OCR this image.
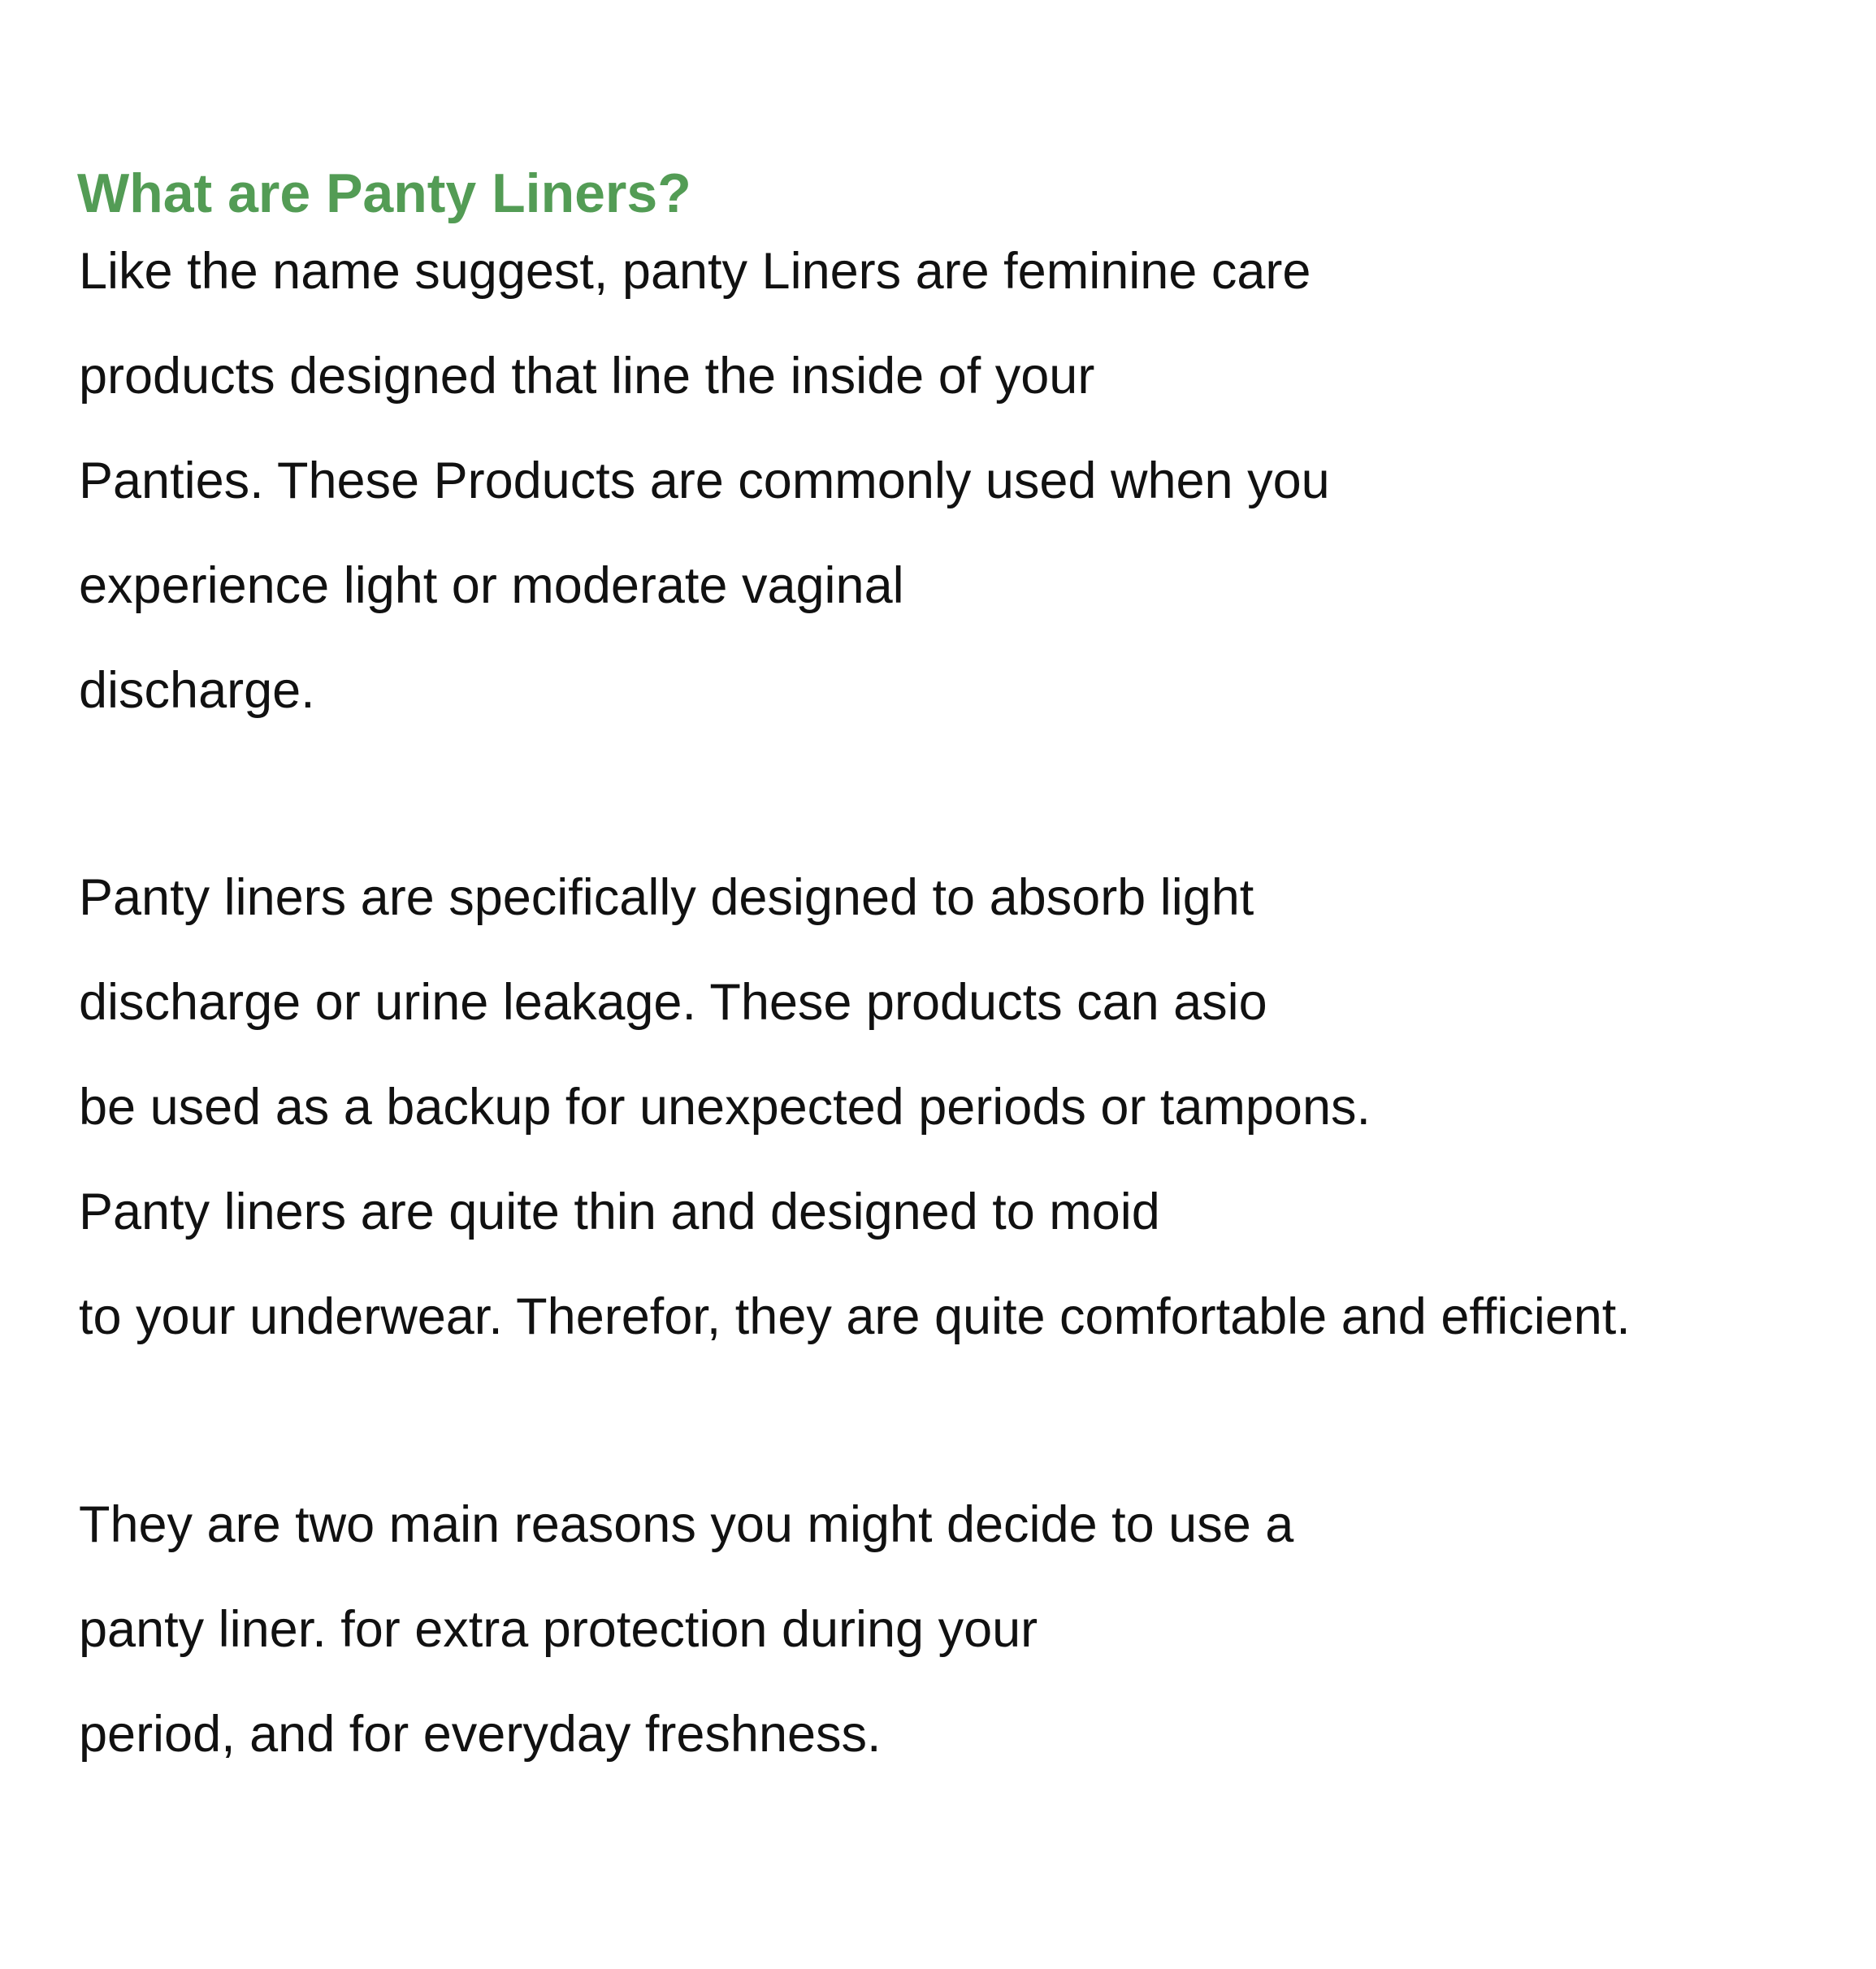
What are Panty Liners?

Like the name suggest, panty Liners are feminine care

products designed that line the inside of your

Panties. These Products are commonly used when you

experience light or moderate vaginal

discharge.

Panty liners are specifically designed to absorb light

discharge or urine leakage. These products can asio

be used as a backup for unexpected periods or tampons.

Panty liners are quite thin and designed to moid

to your underwear. Therefor, they are quite comfortable and efficient.

They are two main reasons you might decide to use a

panty liner. for extra protection during your

period, and for everyday freshness.
